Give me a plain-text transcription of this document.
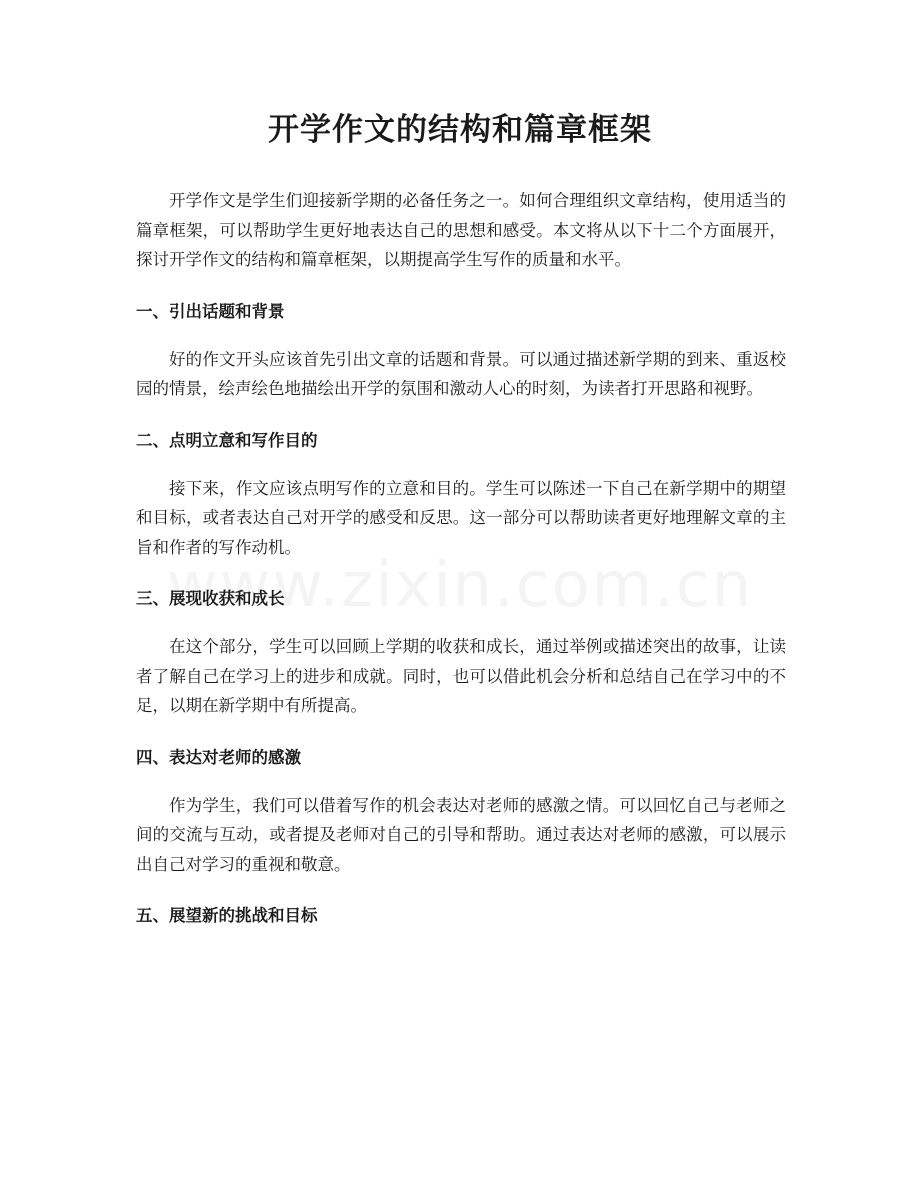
开学作文的结构和篇章框架

开学作文是学生们迎接新学期的必备任务之一。如何合理组织文章结构，使用适当的篇章框架，可以帮助学生更好地表达自己的思想和感受。本文将从以下十二个方面展开，探讨开学作文的结构和篇章框架，以期提高学生写作的质量和水平。

一、引出话题和背景

好的作文开头应该首先引出文章的话题和背景。可以通过描述新学期的到来、重返校园的情景，绘声绘色地描绘出开学的氛围和激动人心的时刻，为读者打开思路和视野。

二、点明立意和写作目的

接下来，作文应该点明写作的立意和目的。学生可以陈述一下自己在新学期中的期望和目标，或者表达自己对开学的感受和反思。这一部分可以帮助读者更好地理解文章的主旨和作者的写作动机。

三、展现收获和成长

在这个部分，学生可以回顾上学期的收获和成长，通过举例或描述突出的故事，让读者了解自己在学习上的进步和成就。同时，也可以借此机会分析和总结自己在学习中的不足，以期在新学期中有所提高。

四、表达对老师的感激

作为学生，我们可以借着写作的机会表达对老师的感激之情。可以回忆自己与老师之间的交流与互动，或者提及老师对自己的引导和帮助。通过表达对老师的感激，可以展示出自己对学习的重视和敬意。

五、展望新的挑战和目标
